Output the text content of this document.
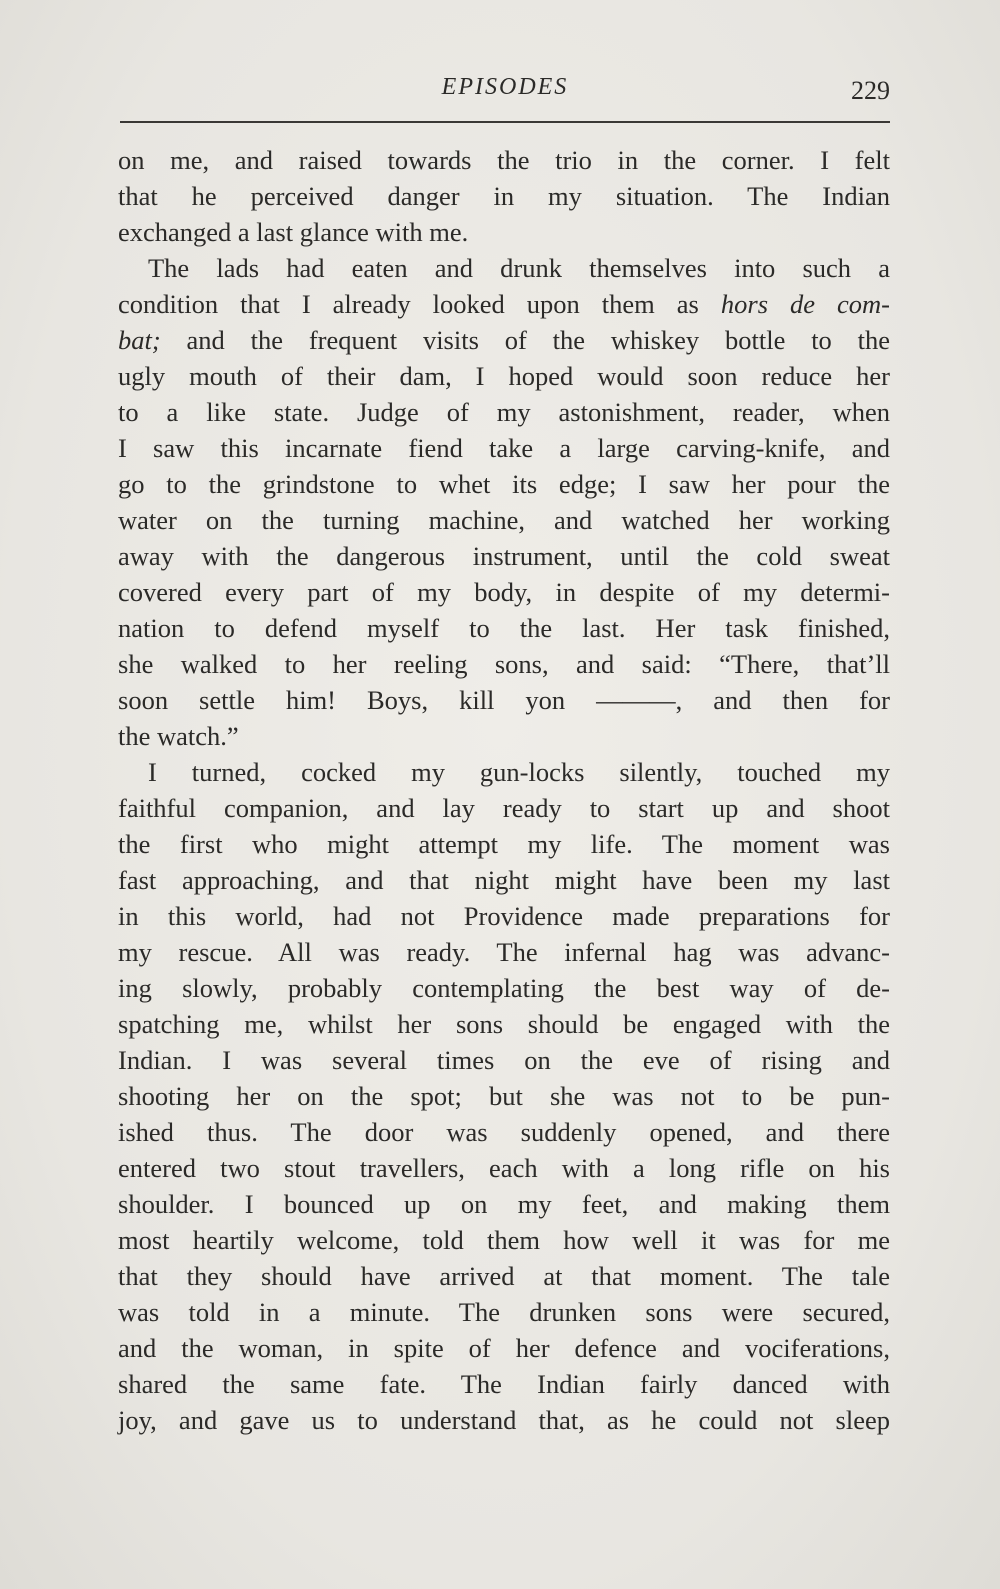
EPISODES	229
on me, and raised towards the trio in the corner. I felt
that he perceived danger in my situation. The Indian
exchanged a last glance with me.
The lads had eaten and drunk themselves into such a
condition that I already looked upon them as hors de com-
bat; and the frequent visits of the whiskey bottle to the
ugly mouth of their dam, I hoped would soon reduce her
to a like state. Judge of my astonishment, reader, when
I saw this incarnate fiend take a large carving-knife, and
go to the grindstone to whet its edge; I saw her pour the
water on the turning machine, and watched her working
away with the dangerous instrument, until the cold sweat
covered every part of my body, in despite of my determi-
nation to defend myself to the last. Her task finished,
she walked to her reeling sons, and said: “There, that’ll
soon settle him! Boys, kill yon ———, and then for
the watch.”
I turned, cocked my gun-locks silently, touched my
faithful companion, and lay ready to start up and shoot
the first who might attempt my life. The moment was
fast approaching, and that night might have been my last
in this world, had not Providence made preparations for
my rescue. All was ready. The infernal hag was advanc-
ing slowly, probably contemplating the best way of de-
spatching me, whilst her sons should be engaged with the
Indian. I was several times on the eve of rising and
shooting her on the spot; but she was not to be pun-
ished thus. The door was suddenly opened, and there
entered two stout travellers, each with a long rifle on his
shoulder. I bounced up on my feet, and making them
most heartily welcome, told them how well it was for me
that they should have arrived at that moment. The tale
was told in a minute. The drunken sons were secured,
and the woman, in spite of her defence and vociferations,
shared the same fate. The Indian fairly danced with
joy, and gave us to understand that, as he could not sleep
